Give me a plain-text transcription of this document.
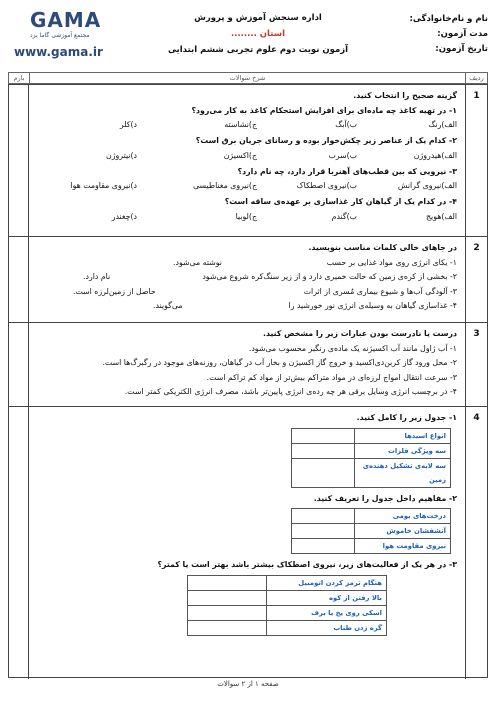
نام و نام‌خانوادگی:
مدت آزمون:
تاریخ آزمون:
اداره سنجش آموزش و پرورش
استان ........
آزمون نوبت دوم علوم تجربی ششم ابتدایی
GAMA
مجتمع آموزشی گاما یزد
www.gama.ir
ردیف
شرح سوالات
بارم
1
گزینه صحیح را انتخاب کنید.
۱- در تهیه کاغذ چه ماده‌ای برای افزایش استحکام کاغذ به کار می‌رود؟
الف)رنگ
ب)آبگ
ج)نشاسته
د)کلر
۲- کدام یک از عناصر زیر چکش‌خوار بوده و رسانای جریان برق است؟
الف)هیدروژن
ب)سرب
ج)اکسیژن
د)نیتروژن
۳- نیرویی که بین قطب‌های آهنربا قرار دارد، چه نام دارد؟
الف)نیروی گرانش
ب)نیروی اصطکاک
ج)نیروی مغناطیسی
د)نیروی مقاومت هوا
۴- در کدام یک از گیاهان کار غذاسازی بر عهده‌ی ساقه است؟
الف)هویج
ب)گندم
ج)لوبیا
د)چغندر
2
در جاهای خالی کلمات مناسب بنویسید.
۱- یکای انرژی روی مواد غذایی بر حسب
نوشته می‌شود.
۲- بخشی از کره‌ی زمین که حالت خمیری دارد و از زیر سنگ‌کره شروع می‌شود
نام دارد.
۳- آلودگی آب‌ها و شیوع بیماری مُسری از اثرات
حاصل از زمین‌لرزه است.
۴- غذاسازی گیاهان به وسیله‌ی انرژی نور خورشید را
می‌گویند.
3
درست یا نادرست بودن عبارات زیر را مشخص کنید.
۱- آب ژاول مانند آب اکسیژنه یک ماده‌ی رنگبر محسوب می‌شود.
۲- محل ورود گاز کربن‌دی‌اکسید و خروج گاز اکسیژن و بخار آب در گیاهان، روزنه‌های موجود در رگبرگ‌ها است.
۳- سرعت انتقال امواج لرزه‌ای در مواد متراکم بیش‌تر از مواد کم تراکم است.
۴- در برچسب انرژی وسایل برقی هر چه رده‌ی انرژی پایین‌تر باشد، مصرف انرژی الکتریکی کمتر است.
4
۱- جدول زیر را کامل کنید.
انواع اسیدها	
سه ویژگی فلزات	
سه لایه‌ی تشکیل دهنده‌ی زمین	
۲- مفاهیم داخل جدول را تعریف کنید.
درخت‌های بومی	
آتشفشان خاموش	
نیروی مقاومت هوا	
۳- در هر یک از فعالیت‌های زیر، نیروی اصطکاک بیشتر باشد بهتر است یا کمتر؟
هنگام ترمز کردن اتومبیل	
بالا رفتن از کوه	
اسکی روی یخ یا برف	
گره زدن طناب	
صفحه ۱ از ۲ سوالات
